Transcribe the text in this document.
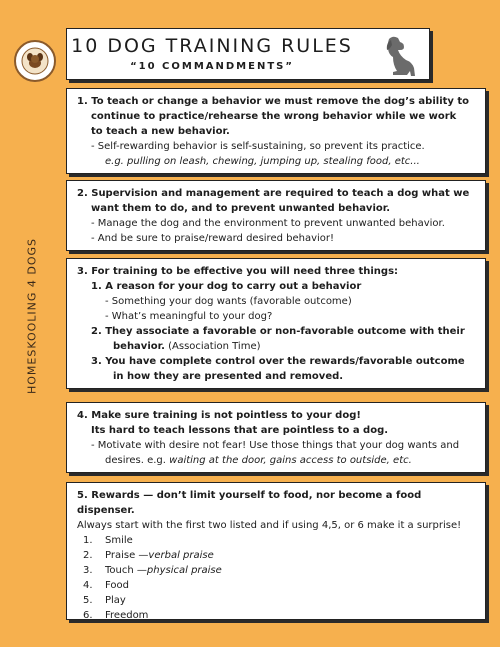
HOMESKOOLING 4 DOGS
10 DOG TRAINING RULES
“10 COMMANDMENTS”
1. To teach or change a behavior we must remove the dog’s ability to
continue to practice/rehearse the wrong behavior while we work
to teach a new behavior.
- Self-rewarding behavior is self-sustaining, so prevent its practice.
e.g. pulling on leash, chewing, jumping up, stealing food, etc...
2. Supervision and management are required to teach a dog what we
want them to do, and to prevent unwanted behavior.
- Manage the dog and the environment to prevent unwanted behavior.
- And be sure to praise/reward desired behavior!
3. For training to be effective you will need three things:
1. A reason for your dog to carry out a behavior
- Something your dog wants (favorable outcome)
- What’s meaningful to your dog?
2. They associate a favorable or non-favorable outcome with their
behavior. (Association Time)
3. You have complete control over the rewards/favorable outcome
in how they are presented and removed.
4. Make sure training is not pointless to your dog!
Its hard to teach lessons that are pointless to a dog.
- Motivate with desire not fear! Use those things that your dog wants and
desires. e.g. waiting at the door, gains access to outside, etc.
5. Rewards — don’t limit yourself to food, nor become a food dispenser.
Always start with the first two listed and if using 4,5, or 6 make it a surprise!
1.	Smile
2.	Praise — verbal praise
3.	Touch — physical praise
4.	Food
5.	Play
6.	Freedom
